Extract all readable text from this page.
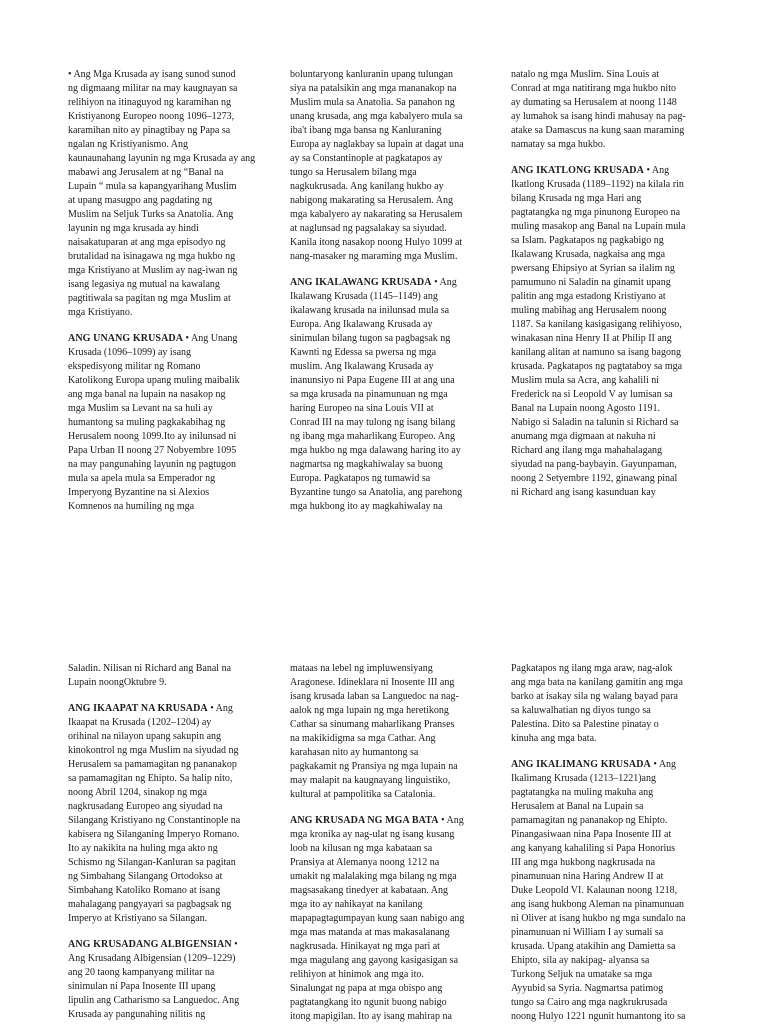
• Ang Mga Krusada ay isang sunod sunod
ng digmaang militar na may kaugnayan sa
relihiyon na itinaguyod ng karamihan ng
Kristiyanong Europeo noong 1096–1273,
karamihan nito ay pinagtibay ng Papa sa
ngalan ng Kristiyanismo. Ang
kaunaunahang layunin ng mga Krusada ay ang
mabawi ang Jerusalem at ng “Banal na
Lupain “ mula sa kapangyarihang Muslim
at upang masugpo ang pagdating ng
Muslim na Seljuk Turks sa Anatolia. Ang
layunin ng mga krusada ay hindi
naisakatuparan at ang mga episodyo ng
brutalidad na isinagawa ng mga hukbo ng
mga Kristiyano at Muslim ay nag-iwan ng
isang legasiya ng mutual na kawalang
pagtitiwala sa pagitan ng mga Muslim at
mga Kristiyano.
ANG UNANG KRUSADA • Ang Unang
Krusada (1096–1099) ay isang
ekspedisyong militar ng Romano
Katolikong Europa upang muling maibalik
ang mga banal na lupain na nasakop ng
mga Muslim sa Levant na sa huli ay
humantong sa muling pagkakabihag ng
Herusalem noong 1099.Ito ay inilunsad ni
Papa Urban II noong 27 Nobyembre 1095
na may pangunahing layunin ng pagtugon
mula sa apela mula sa Emperador ng
Imperyong Byzantine na si Alexios
Komnenos na humiling ng mga
boluntaryong kanluranin upang tulungan
siya na patalsikin ang mga mananakop na
Muslim mula sa Anatolia. Sa panahon ng
unang krusada, ang mga kabalyero mula sa
iba't ibang mga bansa ng Kanluraning
Europa ay naglakbay sa lupain at dagat una
ay sa Constantinople at pagkatapos ay
tungo sa Herusalem bilang mga
nagkukrusada. Ang kanilang hukbo ay
nabigong makarating sa Herusalem. Ang
mga kabalyero ay nakarating sa Herusalem
at naglunsad ng pagsalakay sa siyudad.
Kanila itong nasakop noong Hulyo 1099 at
nang-masaker ng maraming mga Muslim.
ANG IKALAWANG KRUSADA • Ang
Ikalawang Krusada (1145–1149) ang
ikalawang krusada na inilunsad mula sa
Europa. Ang Ikalawang Krusada ay
sinimulan bilang tugon sa pagbagsak ng
Kawnti ng Edessa sa pwersa ng mga
muslim. Ang Ikalawang Krusada ay
inanunsiyo ni Papa Eugene III at ang una
sa mga krusada na pinamunuan ng mga
haring Europeo na sina Louis VII at
Conrad III na may tulong ng isang bilang
ng ibang mga maharlikang Europeo. Ang
mga hukbo ng mga dalawang haring ito ay
nagmartsa ng magkahiwalay sa buong
Europa. Pagkatapos ng tumawid sa
Byzantine tungo sa Anatolia, ang parehong
mga hukbong ito ay magkahiwalay na
natalo ng mga Muslim. Sina Louis at
Conrad at mga natitirang mga hukbo nito
ay dumating sa Herusalem at noong 1148
ay lumahok sa isang hindi mahusay na pag-
atake sa Damascus na kung saan maraming
namatay sa mga hukbo.
ANG IKATLONG KRUSADA • Ang
Ikatlong Krusada (1189–1192) na kilala rin
bilang Krusada ng mga Hari ang
pagtatangka ng mga pinunong Europeo na
muling masakop ang Banal na Lupain mula
sa Islam. Pagkatapos ng pagkabigo ng
Ikalawang Krusada, nagkaisa ang mga
pwersang Ehipsiyo at Syrian sa ilalim ng
pamumuno ni Saladin na ginamit upang
palitin ang mga estadong Kristiyano at
muling mabihag ang Herusalem noong
1187. Sa kanilang kasigasigang relihiyoso,
winakasan nina Henry II at Philip II ang
kanilang alitan at namuno sa isang bagong
krusada. Pagkatapos ng pagtataboy sa mga
Muslim mula sa Acra, ang kahalili ni
Frederick na si Leopold V ay lumisan sa
Banal na Lupain noong Agosto 1191.
Nabigo si Saladin na talunin si Richard sa
anumang mga digmaan at nakuha ni
Richard ang ilang mga mahahalagang
siyudad na pang-baybayin. Gayunpaman,
noong 2 Setyembre 1192, ginawang pinal
ni Richard ang isang kasunduan kay
Saladin. Nilisan ni Richard ang Banal na
Lupain noongOktubre 9.
ANG IKAAPAT NA KRUSADA • Ang
Ikaapat na Krusada (1202–1204) ay
orihinal na nilayon upang sakupin ang
kinokontrol ng mga Muslim na siyudad ng
Herusalem sa pamamagitan ng pananakop
sa pamamagitan ng Ehipto. Sa halip nito,
noong Abril 1204, sinakop ng mga
nagkrusadang Europeo ang siyudad na
Silangang Kristiyano ng Constantinople na
kabisera ng Silanganing Imperyo Romano.
Ito ay nakikita na huling mga akto ng
Schismo ng Silangan-Kanluran sa pagitan
ng Simbahang Silangang Ortodokso at
Simbahang Katoliko Romano at isang
mahalagang pangyayari sa pagbagsak ng
Imperyo at Kristiyano sa Silangan.
ANG KRUSADANG ALBIGENSIAN •
Ang Krusadang Albigensian (1209–1229)
ang 20 taong kampanyang militar na
sinimulan ni Papa Inosente III upang
lipulin ang Catharismo sa Languedoc. Ang
Krusada ay pangunahing nilitis ng
mataas na lebel ng impluwensiyang
Aragonese. Idineklara ni Inosente III ang
isang krusada laban sa Languedoc na nag-
aalok ng mga lupain ng mga heretikong
Cathar sa sinumang maharlikang Pranses
na makikidigma sa mga Cathar. Ang
karahasan nito ay humantong sa
pagkakamit ng Pransiya ng mga lupain na
may malapit na kaugnayang linguistiko,
kultural at pampolitika sa Catalonia.
ANG KRUSADA NG MGA BATA • Ang
mga kronika ay nag-ulat ng isang kusang
loob na kilusan ng mga kabataan sa
Pransiya at Alemanya noong 1212 na
umakit ng malalaking mga bilang ng mga
magsasakang tinedyer at kabataan. Ang
mga ito ay nahikayat na kanilang
mapapagtagumpayan kung saan nabigo ang
mga mas matanda at mas makasalanang
nagkrusada. Hinikayat ng mga pari at
mga magulang ang gayong kasigasigan sa
relihiyon at hinimok ang mga ito.
Sinalungat ng papa at mga obispo ang
pagtatangkang ito ngunit buong nabigo
itong mapigilan. Ito ay isang mahirap na
Pagkatapos ng ilang mga araw, nag-alok
ang mga bata na kanilang gamitin ang mga
barko at isakay sila ng walang bayad para
sa kaluwalhatian ng diyos tungo sa
Palestina. Dito sa Palestine pinatay o
kinuha ang mga bata.
ANG IKALIMANG KRUSADA • Ang
Ikalimang Krusada (1213–1221)ang
pagtatangka na muling makuha ang
Herusalem at Banal na Lupain sa
pamamagitan ng pananakop ng Ehipto.
Pinangasiwaan nina Papa Inosente III at
ang kanyang kahaliling si Papa Honorius
III ang mga hukbong nagkrusada na
pinamunuan nina Haring Andrew II at
Duke Leopold VI. Kalaunan noong 1218,
ang isang hukbong Aleman na pinamunuan
ni Oliver at isang hukbo ng mga sundalo na
pinamunuan ni William I ay sumali sa
krusada. Upang atakihin ang Damietta sa
Ehipto, sila ay nakipag- alyansa sa
Turkong Seljuk na umatake sa mga
Ayyubid sa Syria. Nagmartsa patimog
tungo sa Cairo ang mga nagkrukrusada
noong Hulyo 1221 ngunit humantong ito sa
